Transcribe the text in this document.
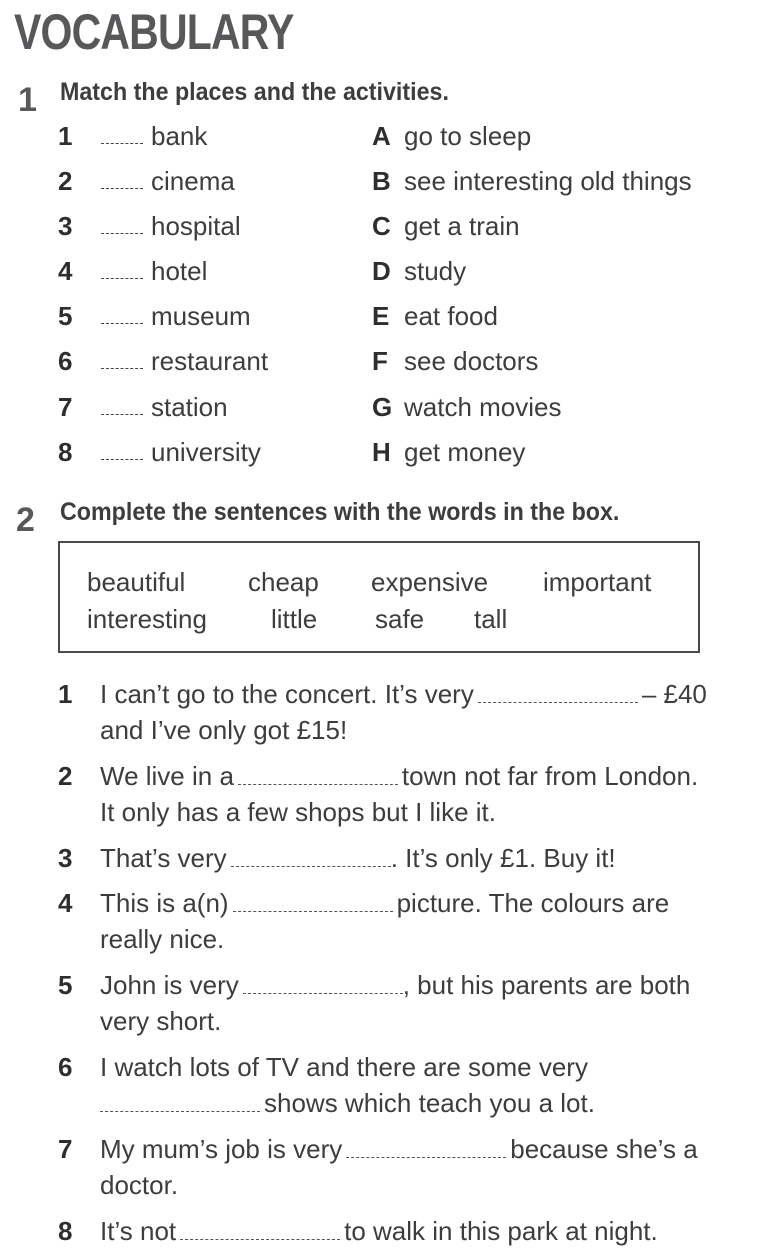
VOCABULARY
1 Match the places and the activities.
1	bank	A go to sleep
2	cinema	B see interesting old things
3	hospital	C get a train
4	hotel	D study
5	museum	E eat food
6	restaurant	F see doctors
7	station	G watch movies
8	university	H get money
2 Complete the sentences with the words in the box.
beautiful cheap expensive important
interesting little safe tall
1 I can’t go to the concert. It’s very	– £40
and I’ve only got £15!
2 We live in a	town not far from London.
It only has a few shops but I like it.
3 That’s very	. It’s only £1. Buy it!
4 This is a(n)	picture. The colours are
really nice.
5 John is very	, but his parents are both
very short.
6 I watch lots of TV and there are some very
shows which teach you a lot.
7 My mum’s job is very	because she’s a
doctor.
8 It’s not	to walk in this park at night.
